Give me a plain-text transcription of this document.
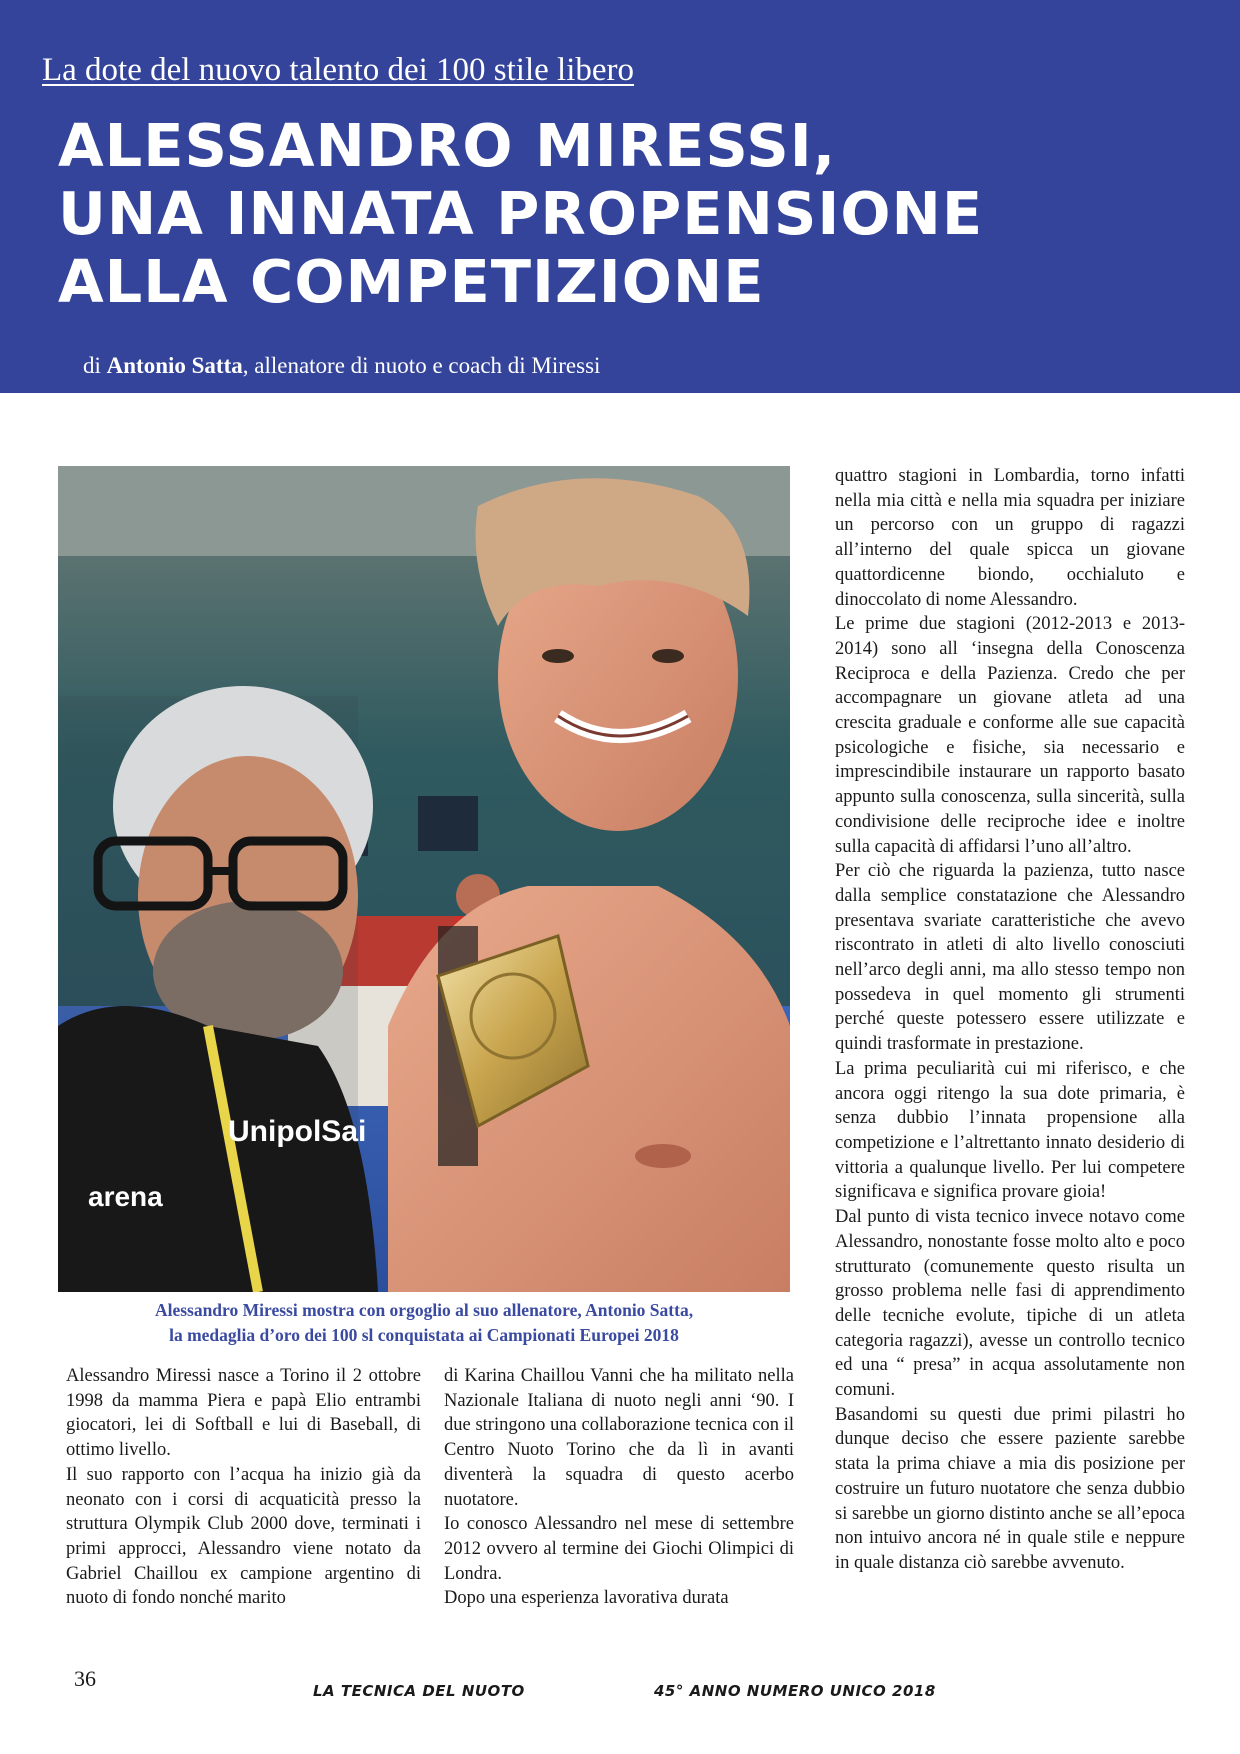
La dote del nuovo talento dei 100 stile libero
ALESSANDRO MIRESSI,
UNA INNATA PROPENSIONE
ALLA COMPETIZIONE
di Antonio Satta, allenatore di nuoto e coach di Miressi
UnipolSai
arena
Alessandro Miressi mostra con orgoglio al suo allenatore, Antonio Satta,
la medaglia d’oro dei 100 sl conquistata ai Campionati Europei 2018

Alessandro Miressi nasce a Torino il 2 ottobre 1998 da mamma Piera e papà Elio entrambi giocatori, lei di Softball e lui di Baseball, di ottimo livello.

Il suo rapporto con l’acqua ha inizio già da neonato con i corsi di acquaticità presso la struttura Olympik Club 2000 dove, terminati i primi approcci, Alessandro viene notato da Gabriel Chaillou ex campione argentino di nuoto di fondo nonché marito

di Karina Chaillou Vanni che ha militato nella Nazionale Italiana di nuoto negli anni ‘90. I due stringono una collaborazione tecnica con il Centro Nuoto Torino che da lì in avanti diventerà la squadra di questo acerbo nuotatore.

Io conosco Alessandro nel mese di settembre 2012 ovvero al termine dei Giochi Olimpici di Londra.

Dopo una esperienza lavorativa durata

quattro stagioni in Lombardia, torno infatti nella mia città e nella mia squadra per iniziare un percorso con un gruppo di ragazzi all’interno del quale spicca un giovane quattordicenne biondo, occhialuto e dinoccolato di nome Alessandro.

Le prime due stagioni (2012-2013 e 2013-2014) sono all ‘insegna della Conoscenza Reciproca e della Pazienza. Credo che per accompagnare un giovane atleta ad una crescita graduale e conforme alle sue capacità psicologiche e fisiche, sia necessario e imprescindibile instaurare un rapporto basato appunto sulla conoscenza, sulla sincerità, sulla condivisione delle reciproche idee e inoltre sulla capacità di affidarsi l’uno all’altro.

Per ciò che riguarda la pazienza, tutto nasce dalla semplice constatazione che Alessandro presentava svariate caratteristiche che avevo riscontrato in atleti di alto livello conosciuti nell’arco degli anni, ma allo stesso tempo non possedeva in quel momento gli strumenti perché queste potessero essere utilizzate e quindi trasformate in prestazione.

La prima peculiarità cui mi riferisco, e che ancora oggi ritengo la sua dote primaria, è senza dubbio l’innata propensione alla competizione e l’altrettanto innato desiderio di vittoria a qualunque livello. Per lui competere significava e significa provare gioia!

Dal punto di vista tecnico invece notavo come Alessandro, nonostante fosse molto alto e poco strutturato (comunemente questo risulta un grosso problema nelle fasi di apprendimento delle tecniche evolute, tipiche di un atleta categoria ragazzi), avesse un controllo tecnico ed una “ presa” in acqua assolutamente non comuni.

Basandomi su questi due primi pilastri ho dunque deciso che essere paziente sarebbe stata la prima chiave a mia dis posizione per costruire un futuro nuotatore che senza dubbio si sarebbe un giorno distinto anche se all’epoca non intuivo ancora né in quale stile e neppure in quale distanza ciò sarebbe avvenuto.

36	LA TECNICA DEL NUOTO	45° ANNO NUMERO UNICO 2018
